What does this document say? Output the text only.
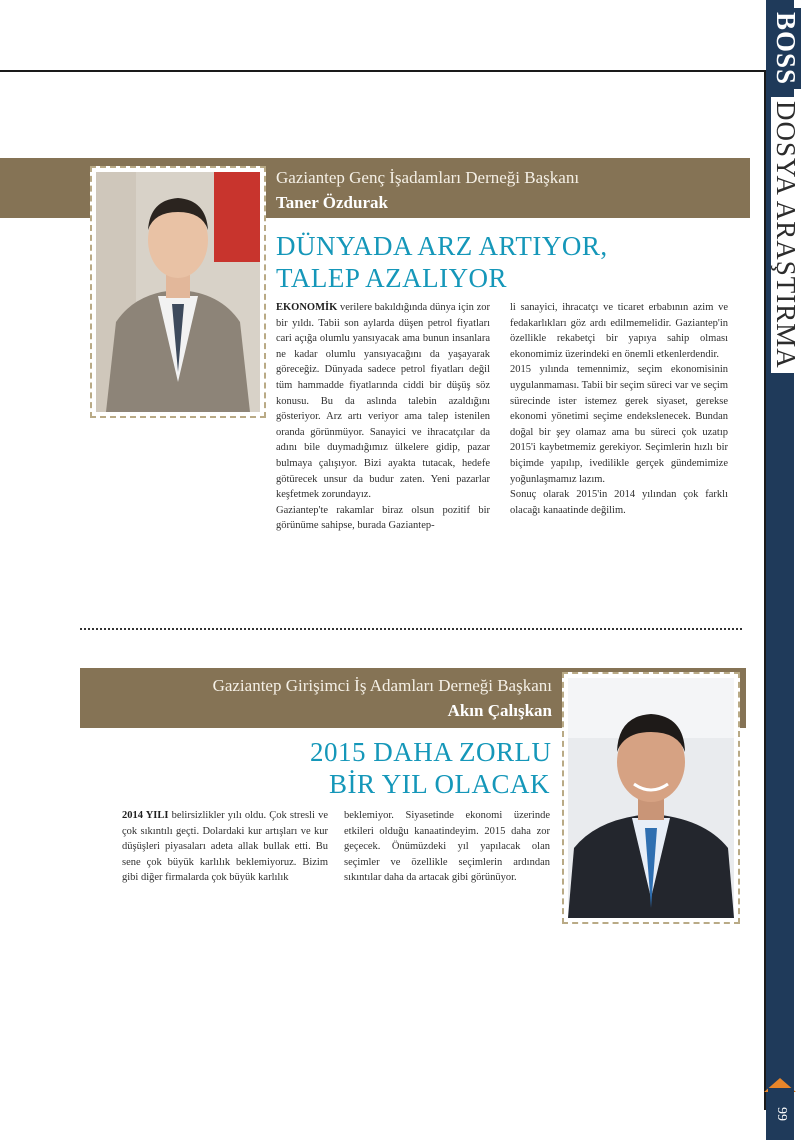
BOSS DOSYA ARAŞTIRMA
99
Gaziantep Genç İşadamları Derneği Başkanı
Taner Özdurak
DÜNYADA ARZ ARTIYOR,
TALEP AZALIYOR

EKONOMİK verilere bakıldığında dünya için zor bir yıldı. Tabii son aylarda düşen petrol fiyatları cari açığa olumlu yansıyacak ama bunun insanlara ne kadar olumlu yansıyacağını da yaşayarak göreceğiz. Dünyada sadece petrol fiyatları değil tüm hammadde fiyatlarında ciddi bir düşüş söz konusu. Bu da aslında talebin azaldığını gösteriyor. Arz artı veriyor ama talep istenilen oranda görünmüyor. Sanayici ve ihracatçılar da adını bile duymadığımız ülkelere gidip, pazar bulmaya çalışıyor. Bizi ayakta tutacak, hedefe götürecek unsur da budur zaten. Yeni pazarlar keşfetmek zorundayız.

Gaziantep'te rakamlar biraz olsun pozitif bir görünüme sahipse, burada Gaziantep-

li sanayici, ihracatçı ve ticaret erbabının azim ve fedakarlıkları göz ardı edilmemelidir. Gaziantep'in özellikle rekabetçi bir yapıya sahip olması ekonomimiz üzerindeki en önemli etkenlerdendir.

2015 yılında temennimiz, seçim ekonomisinin uygulanmaması. Tabii bir seçim süreci var ve seçim sürecinde ister istemez gerek siyaset, gerekse ekonomi yönetimi seçime endekslenecek. Bundan doğal bir şey olamaz ama bu süreci çok uzatıp 2015'i kaybetmemiz gerekiyor. Seçimlerin hızlı bir biçimde yapılıp, ivedilikle gerçek gündemimize yoğunlaşmamız lazım.

Sonuç olarak 2015'in 2014 yılından çok farklı olacağı kanaatinde değilim.

Gaziantep Girişimci İş Adamları Derneği Başkanı
Akın Çalışkan
2015 DAHA ZORLU
BİR YIL OLACAK

2014 YILI belirsizlikler yılı oldu. Çok stresli ve çok sıkıntılı geçti. Dolardaki kur artışları ve kur düşüşleri piyasaları adeta allak bullak etti. Bu sene çok büyük karlılık beklemiyoruz. Bizim gibi diğer firmalarda çok büyük karlılık

beklemiyor. Siyasetinde ekonomi üzerinde etkileri olduğu kanaatindeyim. 2015 daha zor geçecek. Önümüzdeki yıl yapılacak olan seçimler ve özellikle seçimlerin ardından sıkıntılar daha da artacak gibi görünüyor.
